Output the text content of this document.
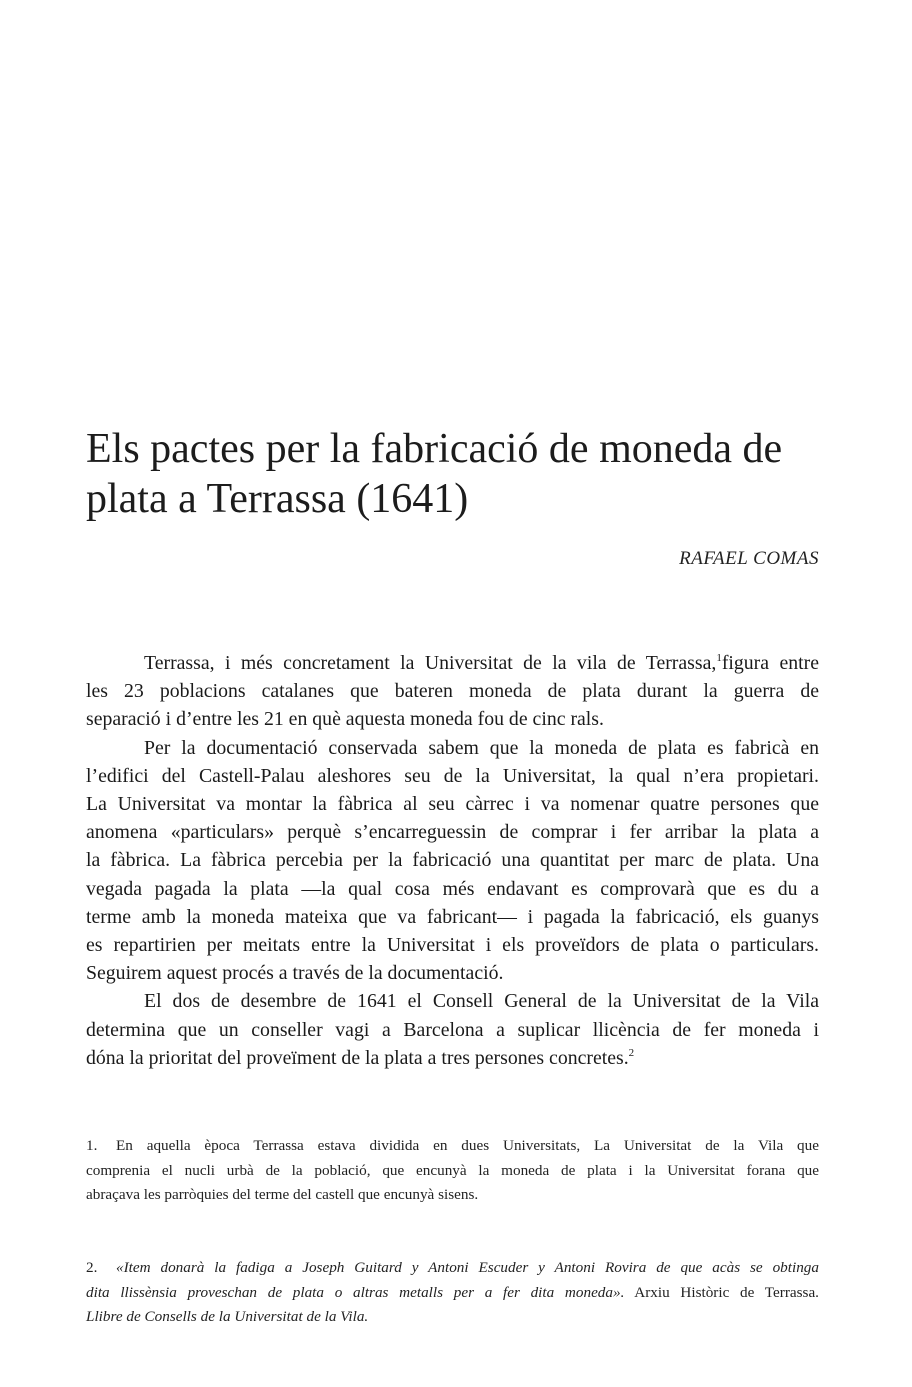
Els pactes per la fabricació de moneda de
plata a Terrassa (1641)

RAFAEL COMAS

Terrassa, i més concretament la Universitat de la vila de Terrassa,$^1$figura entre
les 23 poblacions catalanes que bateren moneda de plata durant la guerra de
separació i d’entre les 21 en què aquesta moneda fou de cinc rals.
Per la documentació conservada sabem que la moneda de plata es fabricà en
l’edifici del Castell-Palau aleshores seu de la Universitat, la qual n’era propietari.
La Universitat va montar la fàbrica al seu càrrec i va nomenar quatre persones que
anomena «particulars» perquè s’encarreguessin de comprar i fer arribar la plata a
la fàbrica. La fàbrica percebia per la fabricació una quantitat per marc de plata. Una
vegada pagada la plata —la qual cosa més endavant es comprovarà que es du a
terme amb la moneda mateixa que va fabricant— i pagada la fabricació, els guanys
es repartirien per meitats entre la Universitat i els proveïdors de plata o particulars.
Seguirem aquest procés a través de la documentació.
El dos de desembre de 1641 el Consell General de la Universitat de la Vila
determina que un conseller vagi a Barcelona a suplicar llicència de fer moneda i
dóna la prioritat del proveïment de la plata a tres persones concretes.$^2$
1. En aquella època Terrassa estava dividida en dues Universitats, La Universitat de la Vila que
comprenia el nucli urbà de la població, que encunyà la moneda de plata i la Universitat forana que
abraçava les parròquies del terme del castell que encunyà sisens.
2. «Item donarà la fadiga a Joseph Guitard y Antoni Escuder y Antoni Rovira de que acàs se obtinga
dita llissènsia proveschan de plata o altras metalls per a fer dita moneda». Arxiu Històric de Terrassa.
Llibre de Consells de la Universitat de la Vila.
